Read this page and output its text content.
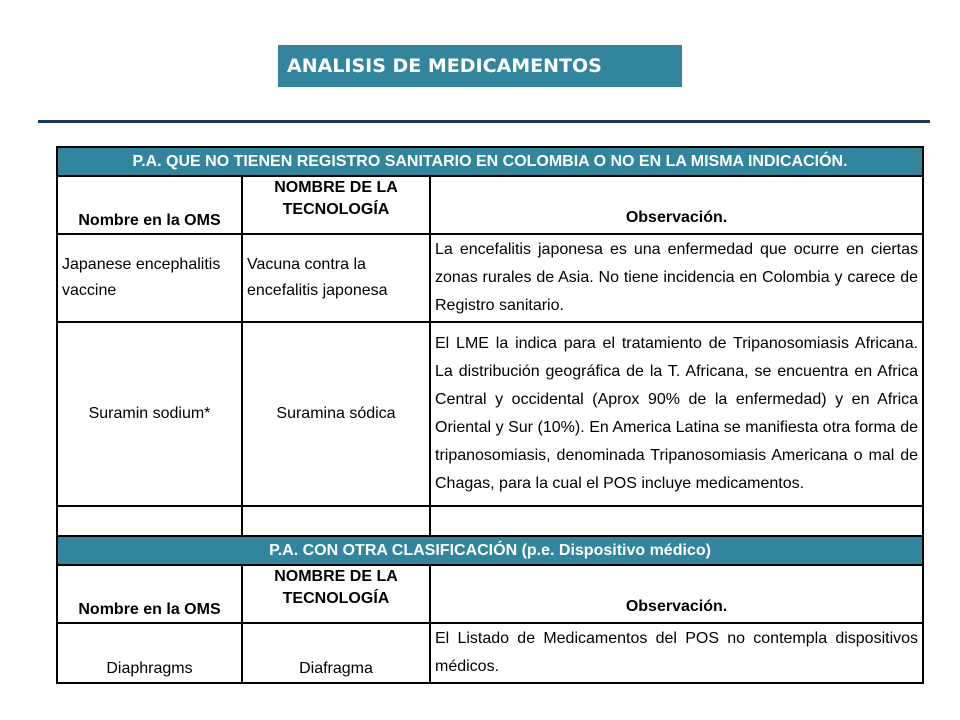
ANALISIS DE MEDICAMENTOS
P.A. QUE NO TIENEN REGISTRO SANITARIO EN COLOMBIA O NO EN LA MISMA INDICACIÓN.		
Nombre en la OMS	NOMBRE DE LA TECNOLOGÍA	Observación.
Japanese encephalitis vaccine	Vacuna contra la encefalitis japonesa	La encefalitis japonesa es una enfermedad que ocurre en ciertas zonas rurales de Asia. No tiene incidencia en Colombia y carece de Registro sanitario.
Suramin sodium*	Suramina sódica	El LME la indica para el tratamiento de Tripanosomiasis Africana. La distribución geográfica de la T. Africana, se encuentra en Africa Central y occidental (Aprox 90% de la enfermedad) y en Africa Oriental y Sur (10%). En America Latina se manifiesta otra forma de tripanosomiasis, denominada Tripanosomiasis Americana o mal de Chagas, para la cual el POS incluye medicamentos.

P.A. CON OTRA CLASIFICACIÓN (p.e. Dispositivo médico)		
Nombre en la OMS	NOMBRE DE LA TECNOLOGÍA	Observación.
Diaphragms	Diafragma	El Listado de Medicamentos del POS no contempla dispositivos médicos.
